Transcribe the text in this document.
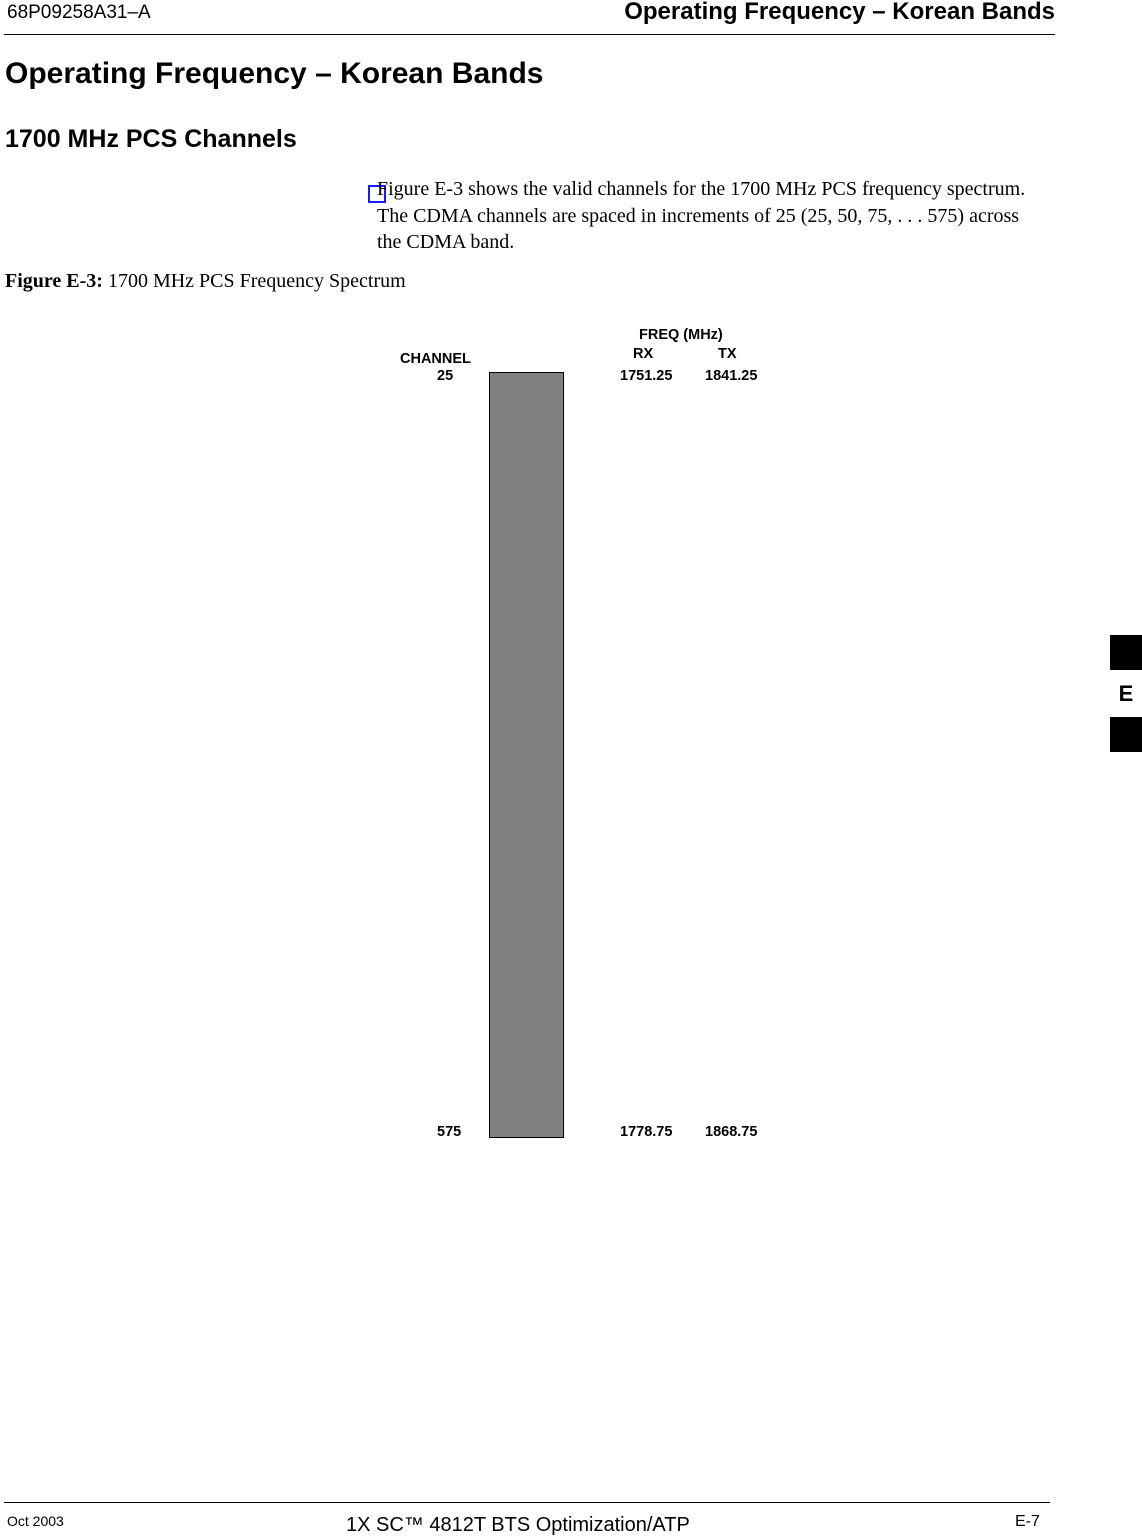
68P09258A31–A	Operating Frequency – Korean Bands
Operating Frequency – Korean Bands
1700 MHz PCS Channels
Figure E-3 shows the valid channels for the 1700 MHz PCS frequency spectrum. The CDMA channels are spaced in increments of 25 (25, 50, 75, . . . 575) across the CDMA band.
Figure E-3: 1700 MHz PCS Frequency Spectrum
FREQ (MHz)
RX	TX
CHANNEL
25	1751.25 1841.25
575	1778.75 1868.75
E
Oct 2003	1X SC™ 4812T BTS Optimization/ATP	E-7
